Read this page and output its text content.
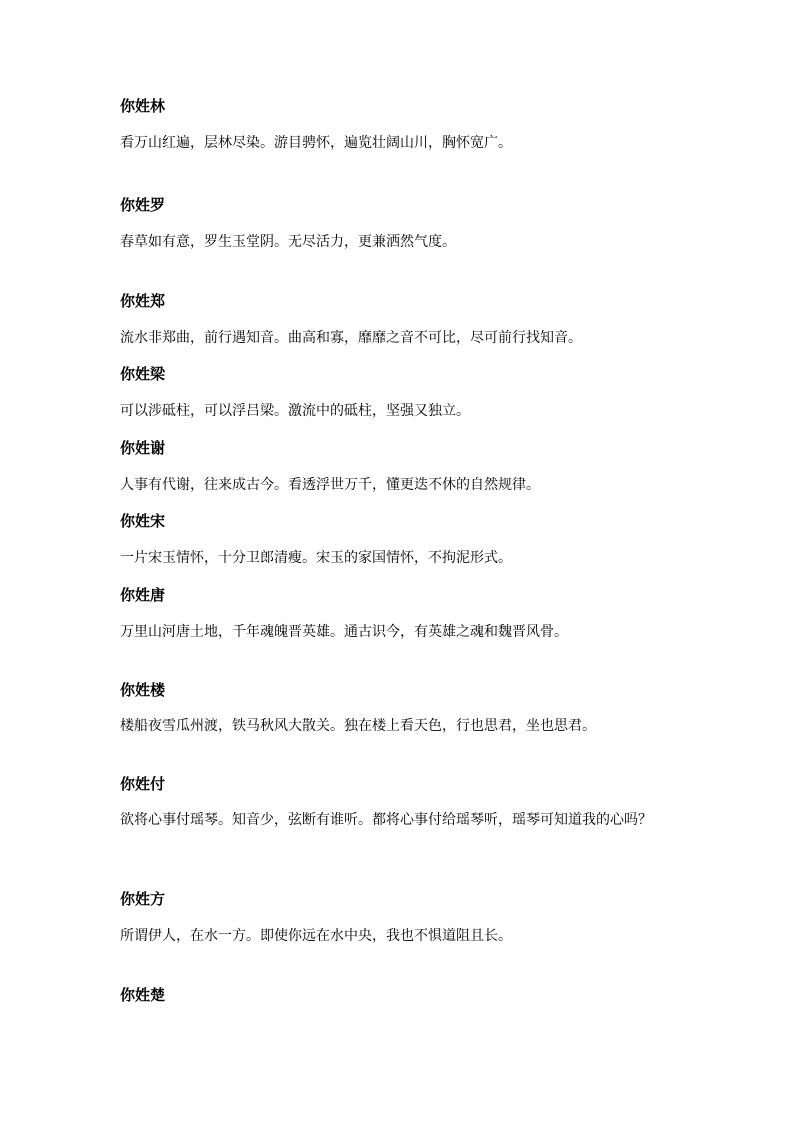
你姓林

看万山红遍，层林尽染。游目骋怀，遍览壮阔山川，胸怀宽广。

你姓罗

春草如有意，罗生玉堂阴。无尽活力，更兼洒然气度。

你姓郑

流水非郑曲，前行遇知音。曲高和寡，靡靡之音不可比，尽可前行找知音。

你姓梁

可以涉砥柱，可以浮吕梁。激流中的砥柱，坚强又独立。

你姓谢

人事有代谢，往来成古今。看透浮世万千，懂更迭不休的自然规律。

你姓宋

一片宋玉情怀，十分卫郎清瘦。宋玉的家国情怀，不拘泥形式。

你姓唐

万里山河唐土地，千年魂魄晋英雄。通古识今，有英雄之魂和魏晋风骨。

你姓楼

楼船夜雪瓜州渡，铁马秋风大散关。独在楼上看天色，行也思君，坐也思君。

你姓付

欲将心事付瑶琴。知音少，弦断有谁听。都将心事付给瑶琴听，瑶琴可知道我的心吗？

你姓方

所谓伊人，在水一方。即使你远在水中央，我也不惧道阻且长。

你姓楚
